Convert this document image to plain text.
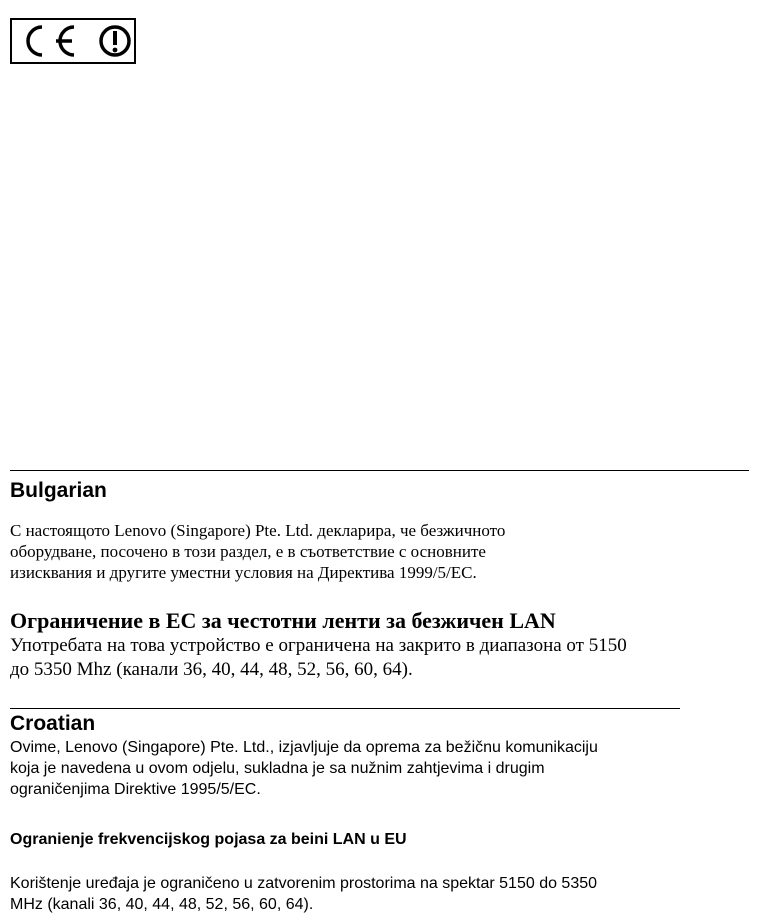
Bulgarian
С настоящото Lenovo (Singapore) Pte. Ltd. декларира, че безжичното
оборудване, посочено в този раздел, е в съответствие с основните
изисквания и другите уместни условия на Директива 1999/5/EC.
Ограничение в ЕС за честотни ленти за безжичен LAN
Употребата на това устройство е ограничена на закрито в диапазона от 5150
до 5350 Mhz (канали 36, 40, 44, 48, 52, 56, 60, 64).
Croatian
Ovime, Lenovo (Singapore) Pte. Ltd., izjavljuje da oprema za bežičnu komunikaciju
koja je navedena u ovom odjelu, sukladna je sa nužnim zahtjevima i drugim
ograničenjima Direktive 1995/5/EC.
Ogranienje frekvencijskog pojasa za beini LAN u EU
Korištenje uređaja je ograničeno u zatvorenim prostorima na spektar 5150 do 5350
MHz (kanali 36, 40, 44, 48, 52, 56, 60, 64).
